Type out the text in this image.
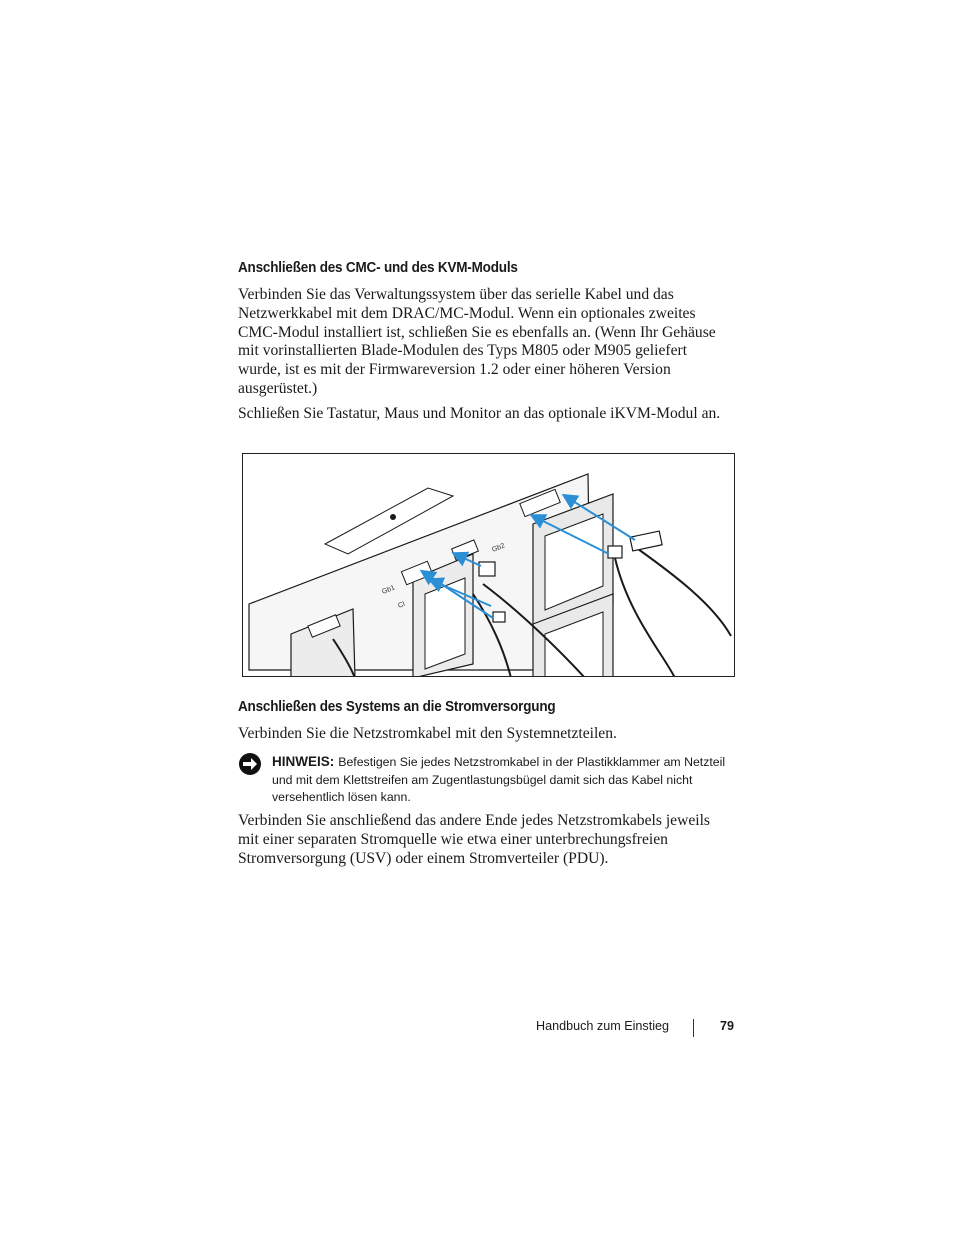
Anschließen des CMC- und des KVM-Moduls

Verbinden Sie das Verwaltungssystem über das serielle Kabel und das
Netzwerkkabel mit dem DRAC/MC-Modul. Wenn ein optionales zweites
CMC-Modul installiert ist, schließen Sie es ebenfalls an. (Wenn Ihr Gehäuse
mit vorinstallierten Blade-Modulen des Typs M805 oder M905 geliefert
wurde, ist es mit der Firmwareversion 1.2 oder einer höheren Version
ausgerüstet.)

Schließen Sie Tastatur, Maus und Monitor an das optionale iKVM-Modul an.

Gb1
Gb2
CI
Anschließen des Systems an die Stromversorgung

Verbinden Sie die Netzstromkabel mit den Systemnetzteilen.

HINWEIS: Befestigen Sie jedes Netzstromkabel in der Plastikklammer am Netzteil
und mit dem Klettstreifen am Zugentlastungsbügel damit sich das Kabel nicht
versehentlich lösen kann.

Verbinden Sie anschließend das andere Ende jedes Netzstromkabels jeweils
mit einer separaten Stromquelle wie etwa einer unterbrechungsfreien
Stromversorgung (USV) oder einem Stromverteiler (PDU).

Handbuch zum Einstieg	79
